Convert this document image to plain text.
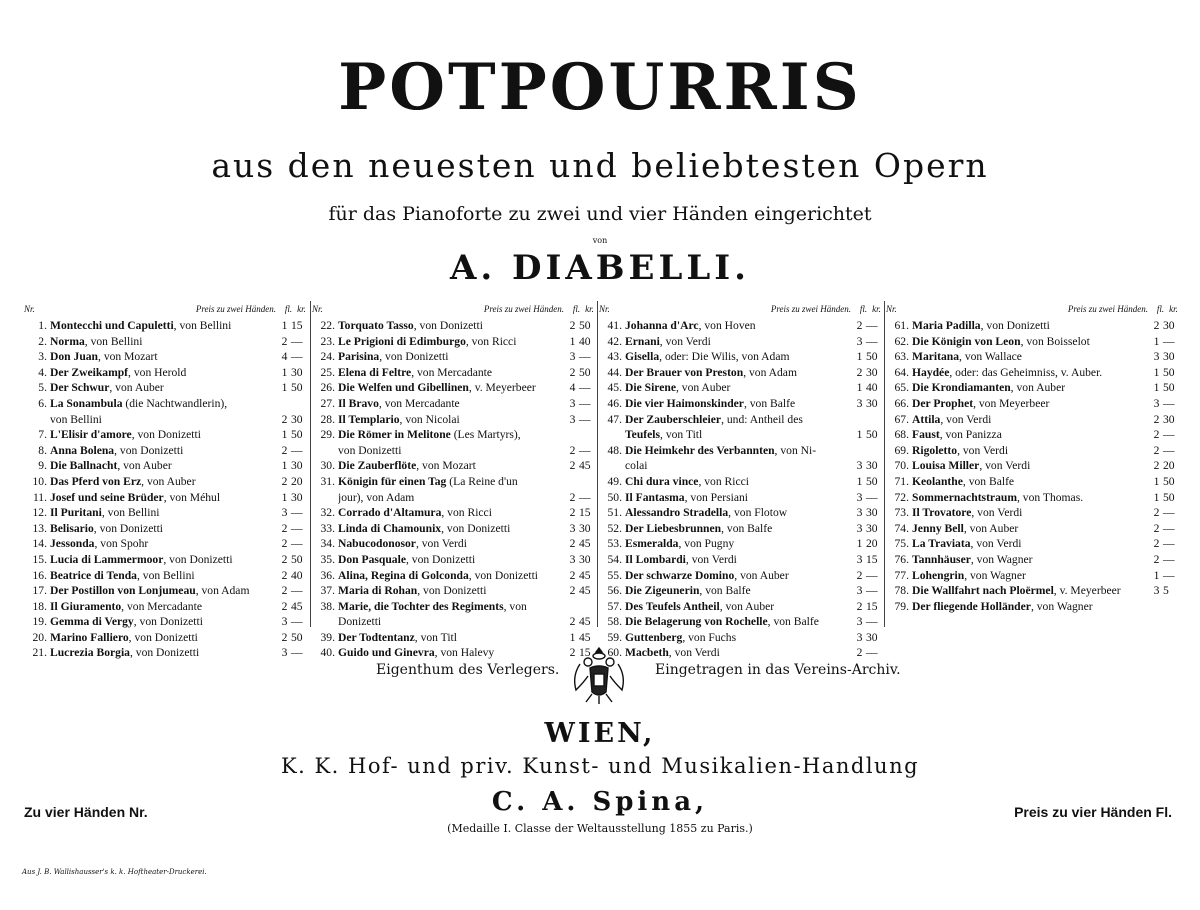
POTPOURRIS
aus den neuesten und beliebtesten Opern
für das Pianoforte zu zwei und vier Händen eingerichtet
von
A. DIABELLI.
Nr.	Preis zu zwei Händen. fl. kr.
1. Montecchi und Capuletti, von Bellini	1 15
2. Norma, von Bellini	2 —
3. Don Juan, von Mozart	4 —
4. Der Zweikampf, von Herold	1 30
5. Der Schwur, von Auber	1 50
6. La Sonambula (die Nachtwandlerin),
von Bellini	2 30
7. L'Elisir d'amore, von Donizetti	1 50
8. Anna Bolena, von Donizetti	2 —
9. Die Ballnacht, von Auber	1 30
10. Das Pferd von Erz, von Auber	2 20
11. Josef und seine Brüder, von Méhul	1 30
12. Il Puritani, von Bellini	3 —
13. Belisario, von Donizetti	2 —
14. Jessonda, von Spohr	2 —
15. Lucia di Lammermoor, von Donizetti	2 50
16. Beatrice di Tenda, von Bellini	2 40
17. Der Postillon von Lonjumeau, von Adam	2 —
18. Il Giuramento, von Mercadante	2 45
19. Gemma di Vergy, von Donizetti	3 —
20. Marino Falliero, von Donizetti	2 50
21. Lucrezia Borgia, von Donizetti	3 —
Nr.	Preis zu zwei Händen. fl. kr.
22. Torquato Tasso, von Donizetti	2 50
23. Le Prigioni di Edimburgo, von Ricci	1 40
24. Parisina, von Donizetti	3 —
25. Elena di Feltre, von Mercadante	2 50
26. Die Welfen und Gibellinen, v. Meyerbeer	4 —
27. Il Bravo, von Mercadante	3 —
28. Il Templario, von Nicolai	3 —
29. Die Römer in Melitone (Les Martyrs),
von Donizetti	2 —
30. Die Zauberflöte, von Mozart	2 45
31. Königin für einen Tag (La Reine d'un
jour), von Adam	2 —
32. Corrado d'Altamura, von Ricci	2 15
33. Linda di Chamounix, von Donizetti	3 30
34. Nabucodonosor, von Verdi	2 45
35. Don Pasquale, von Donizetti	3 30
36. Alina, Regina di Golconda, von Donizetti	2 45
37. Maria di Rohan, von Donizetti	2 45
38. Marie, die Tochter des Regiments, von
Donizetti	2 45
39. Der Todtentanz, von Titl	1 45
40. Guido und Ginevra, von Halevy	2 15
Nr.	Preis zu zwei Händen. fl. kr.
41. Johanna d'Arc, von Hoven	2 —
42. Ernani, von Verdi	3 —
43. Gisella, oder: Die Wilis, von Adam	1 50
44. Der Brauer von Preston, von Adam	2 30
45. Die Sirene, von Auber	1 40
46. Die vier Haimonskinder, von Balfe	3 30
47. Der Zauberschleier, und: Antheil des
Teufels, von Titl	1 50
48. Die Heimkehr des Verbannten, von Ni-
colai	3 30
49. Chi dura vince, von Ricci	1 50
50. Il Fantasma, von Persiani	3 —
51. Alessandro Stradella, von Flotow	3 30
52. Der Liebesbrunnen, von Balfe	3 30
53. Esmeralda, von Pugny	1 20
54. Il Lombardi, von Verdi	3 15
55. Der schwarze Domino, von Auber	2 —
56. Die Zigeunerin, von Balfe	3 —
57. Des Teufels Antheil, von Auber	2 15
58. Die Belagerung von Rochelle, von Balfe	3 —
59. Guttenberg, von Fuchs	3 30
60. Macbeth, von Verdi	2 —
Nr.	Preis zu zwei Händen. fl. kr.
61. Maria Padilla, von Donizetti	2 30
62. Die Königin von Leon, von Boisselot	1 —
63. Maritana, von Wallace	3 30
64. Haydée, oder: das Geheimniss, v. Auber.	1 50
65. Die Krondiamanten, von Auber	1 50
66. Der Prophet, von Meyerbeer	3 —
67. Attila, von Verdi	2 30
68. Faust, von Panizza	2 —
69. Rigoletto, von Verdi	2 —
70. Louisa Miller, von Verdi	2 20
71. Keolanthe, von Balfe	1 50
72. Sommernachtstraum, von Thomas.	1 50
73. Il Trovatore, von Verdi	2 —
74. Jenny Bell, von Auber	2 —
75. La Traviata, von Verdi	2 —
76. Tannhäuser, von Wagner	2 —
77. Lohengrin, von Wagner	1 —
78. Die Wallfahrt nach Ploërmel, v. Meyerbeer	3 5
79. Der fliegende Holländer, von Wagner
Eigenthum des Verlegers.	Eingetragen in das Vereins-Archiv.
WIEN,
K. K. Hof- und priv. Kunst- und Musikalien-Handlung
C. A. Spina,
(Medaille I. Classe der Weltausstellung 1855 zu Paris.)
Zu vier Händen Nr.	Preis zu vier Händen Fl.
Aus J. B. Wallishausser's k. k. Hoftheater-Druckerei.
